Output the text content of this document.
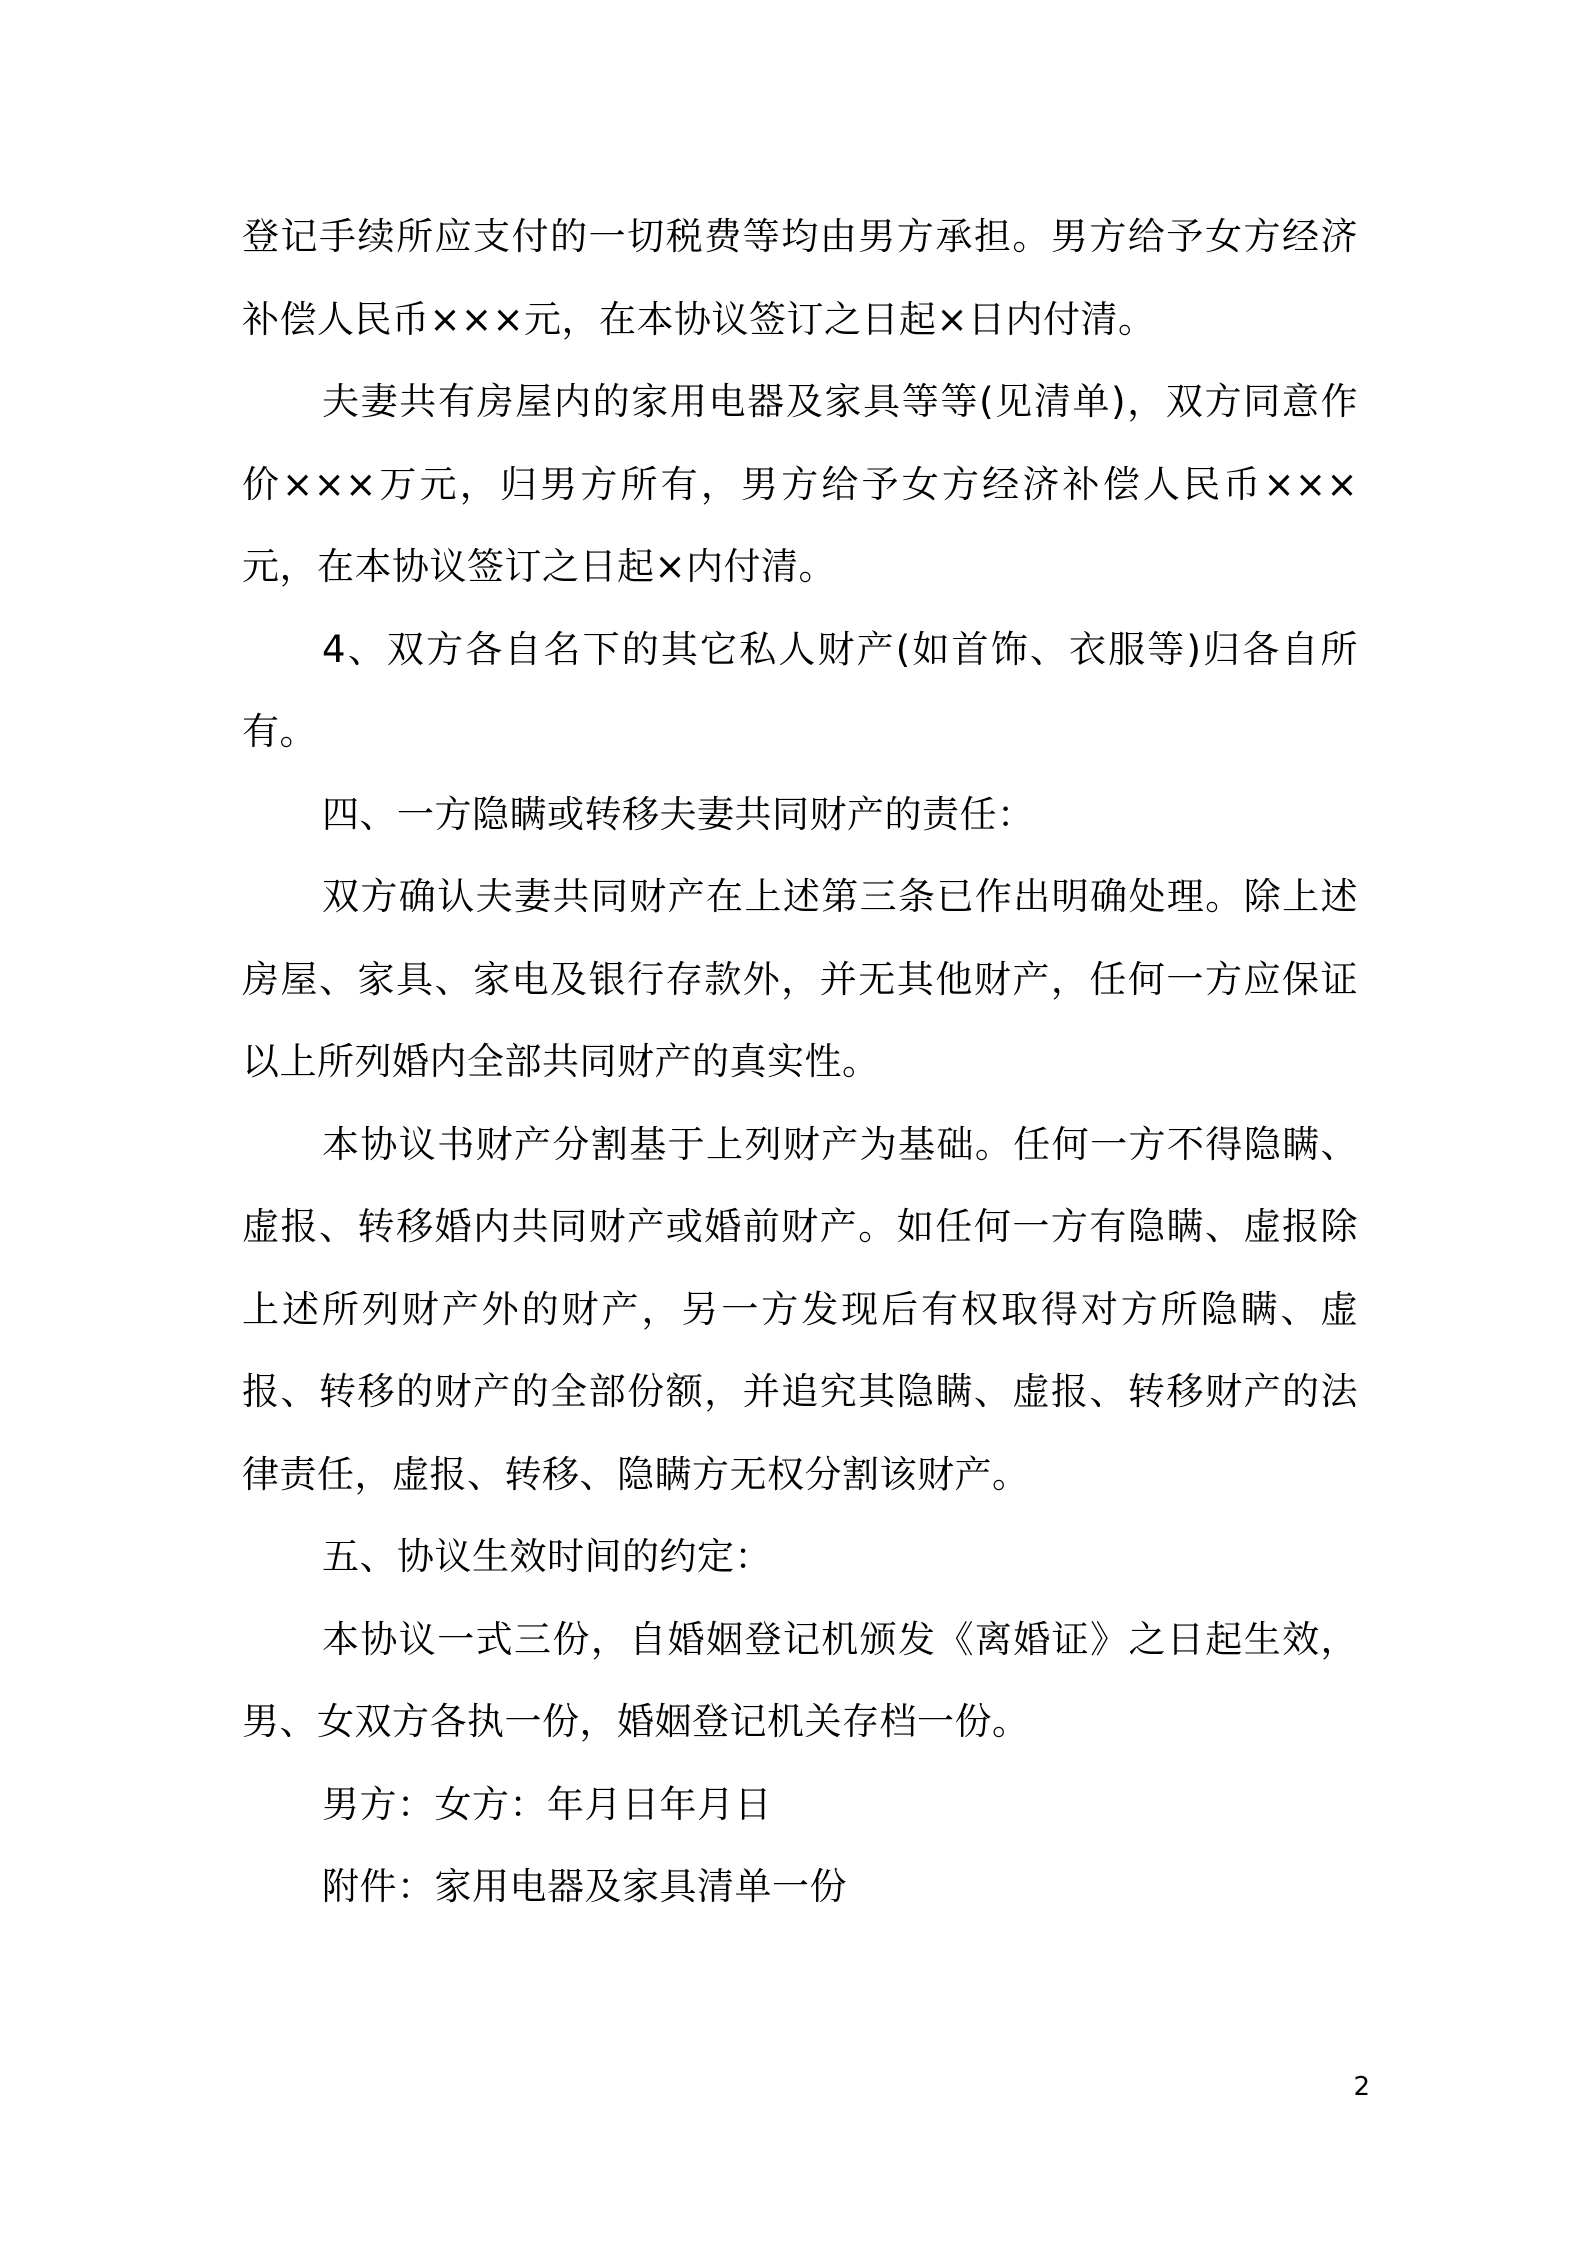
登记手续所应支付的一切税费等均由男方承担。男方给予女方经济补偿人民币×××元，在本协议签订之日起×日内付清。

夫妻共有房屋内的家用电器及家具等等(见清单)，双方同意作价×××万元，归男方所有，男方给予女方经济补偿人民币×××元，在本协议签订之日起×内付清。

4、双方各自名下的其它私人财产(如首饰、衣服等)归各自所有。

四、一方隐瞒或转移夫妻共同财产的责任：

双方确认夫妻共同财产在上述第三条已作出明确处理。除上述房屋、家具、家电及银行存款外，并无其他财产，任何一方应保证以上所列婚内全部共同财产的真实性。

本协议书财产分割基于上列财产为基础。任何一方不得隐瞒、虚报、转移婚内共同财产或婚前财产。如任何一方有隐瞒、虚报除上述所列财产外的财产，另一方发现后有权取得对方所隐瞒、虚报、转移的财产的全部份额，并追究其隐瞒、虚报、转移财产的法律责任，虚报、转移、隐瞒方无权分割该财产。

五、协议生效时间的约定：

本协议一式三份，自婚姻登记机颁发《离婚证》之日起生效，男、女双方各执一份，婚姻登记机关存档一份。

男方：女方：年月日年月日

附件：家用电器及家具清单一份

2
